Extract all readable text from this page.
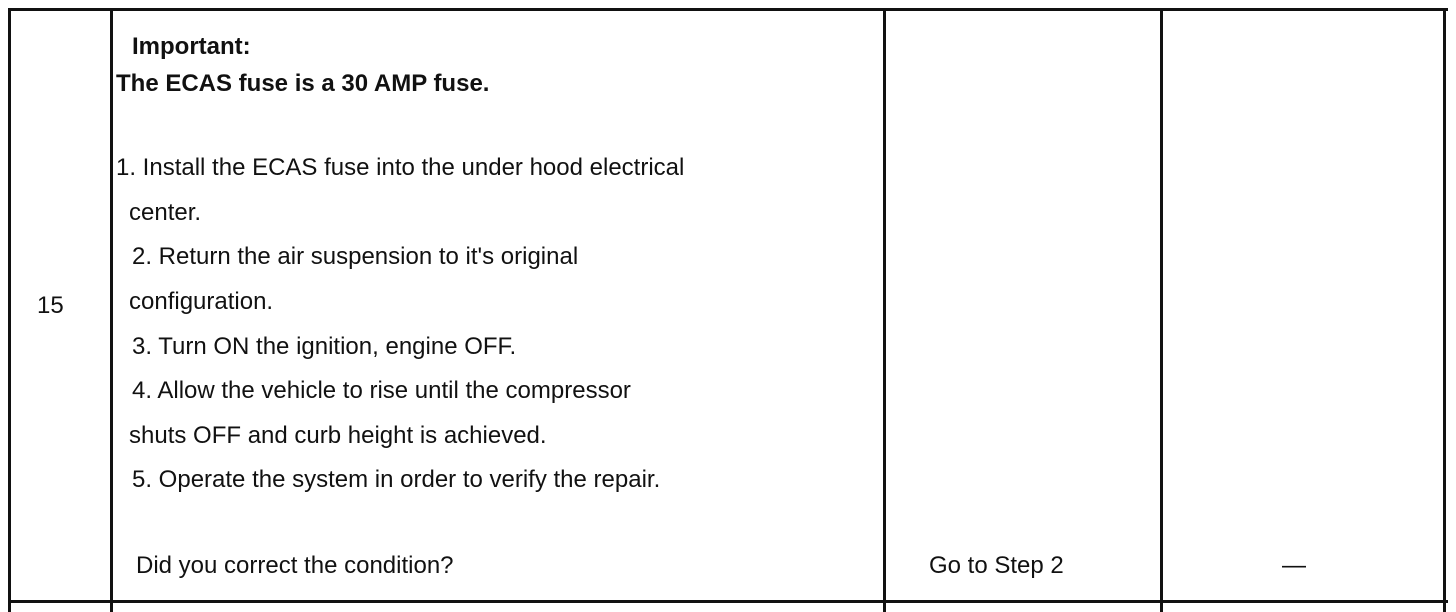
15
Important:
The ECAS fuse is a 30 AMP fuse.
1. Install the ECAS fuse into the under hood electrical
center.
2. Return the air suspension to it's original
configuration.
3. Turn ON the ignition, engine OFF.
4. Allow the vehicle to rise until the compressor
shuts OFF and curb height is achieved.
5. Operate the system in order to verify the repair.
Did you correct the condition?	Go to Step 2	—
